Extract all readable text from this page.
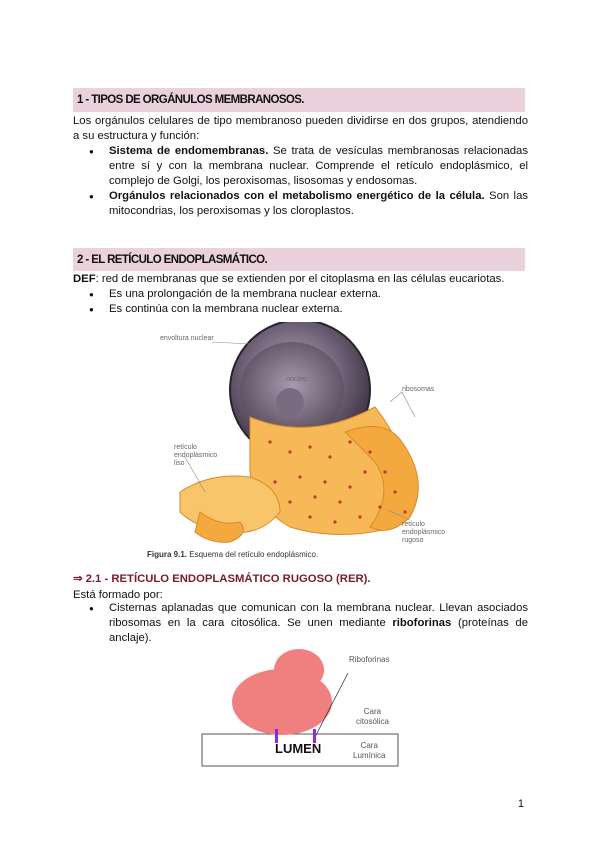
1 - TIPOS DE ORGÁNULOS MEMBRANOSOS.
Los orgánulos celulares de tipo membranoso pueden dividirse en dos grupos, atendiendo a su estructura y función:
● Sistema de endomembranas. Se trata de vesículas membranosas relacionadas entre sí y con la membrana nuclear. Comprende el retículo endoplásmico, el complejo de Golgi, los peroxisomas, lisosomas y endosomas.
● Orgánulos relacionados con el metabolismo energético de la célula. Son las mitocondrias, los peroxisomas y los cloroplastos.
2 - EL RETÍCULO ENDOPLASMÁTICO.
DEF: red de membranas que se extienden por el citoplasma en las células eucariotas.
● Es una prolongación de la membrana nuclear externa.
● Es continúa con la membrana nuclear externa.
envoltura nuclear
núcleo
ribosomas
retículo
endoplásmico
liso
retículo
endoplásmico
rugoso
Figura 9.1. Esquema del retículo endoplásmico.
⇒ 2.1 - RETÍCULO ENDOPLASMÁTICO RUGOSO (RER).
Está formado por:
● Cisternas aplanadas que comunican con la membrana nuclear. Llevan asociados ribosomas en la cara citosólica. Se unen mediante riboforinas (proteínas de anclaje).
Riboforinas
Cara
citosólica
LUMEN	Cara
Lumínica
1
